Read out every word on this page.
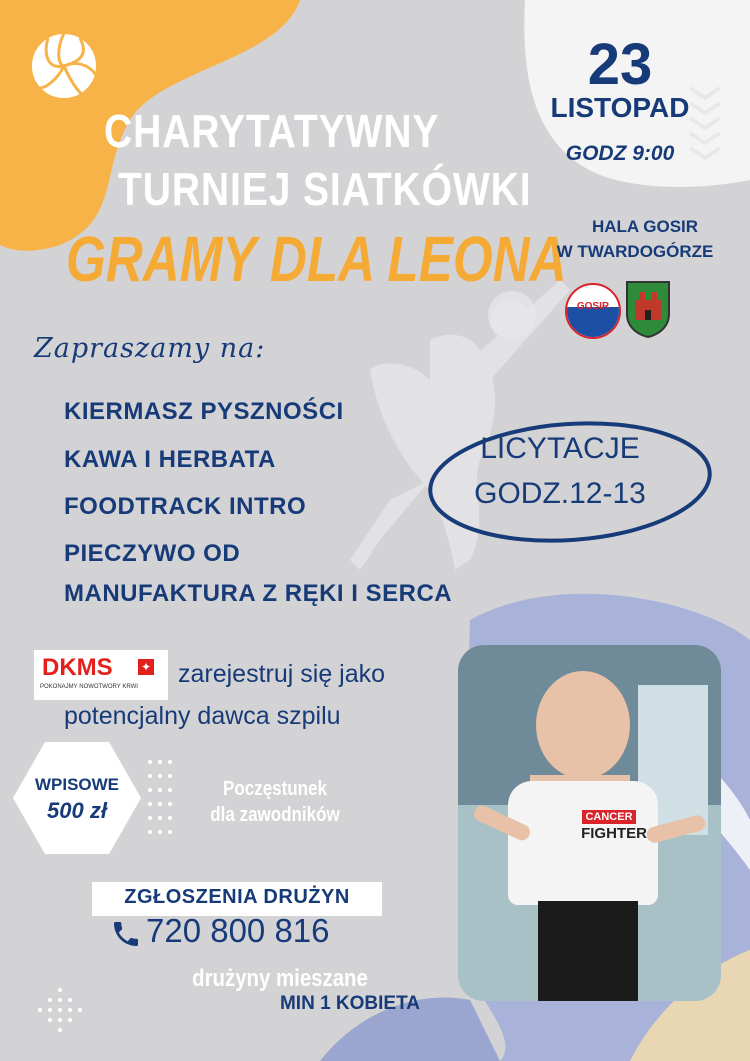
23
LISTOPAD
GODZ 9:00
CHARYTATYWNY
TURNIEJ SIATKÓWKI
GRAMY DLA LEONA	HALA GOSIR
W TWARDOGÓRZE
GOSIR
Zapraszamy na:
KIERMASZ PYSZNOŚCI
KAWA I HERBATA
FOODTRACK INTRO
PIECZYWO OD
MANUFAKTURA Z RĘKI I SERCA
LICYTACJE
GODZ.12-13
DKMS ✦
POKONAJMY NOWOTWORY KRWI zarejestruj się jako
potencjalny dawca szpilu
WPISOWE
500 zł
Poczęstunek
dla zawodników
ZGŁOSZENIA DRUŻYN
720 800 816
drużyny mieszane
MIN 1 KOBIETA
CANCER
FIGHTER
